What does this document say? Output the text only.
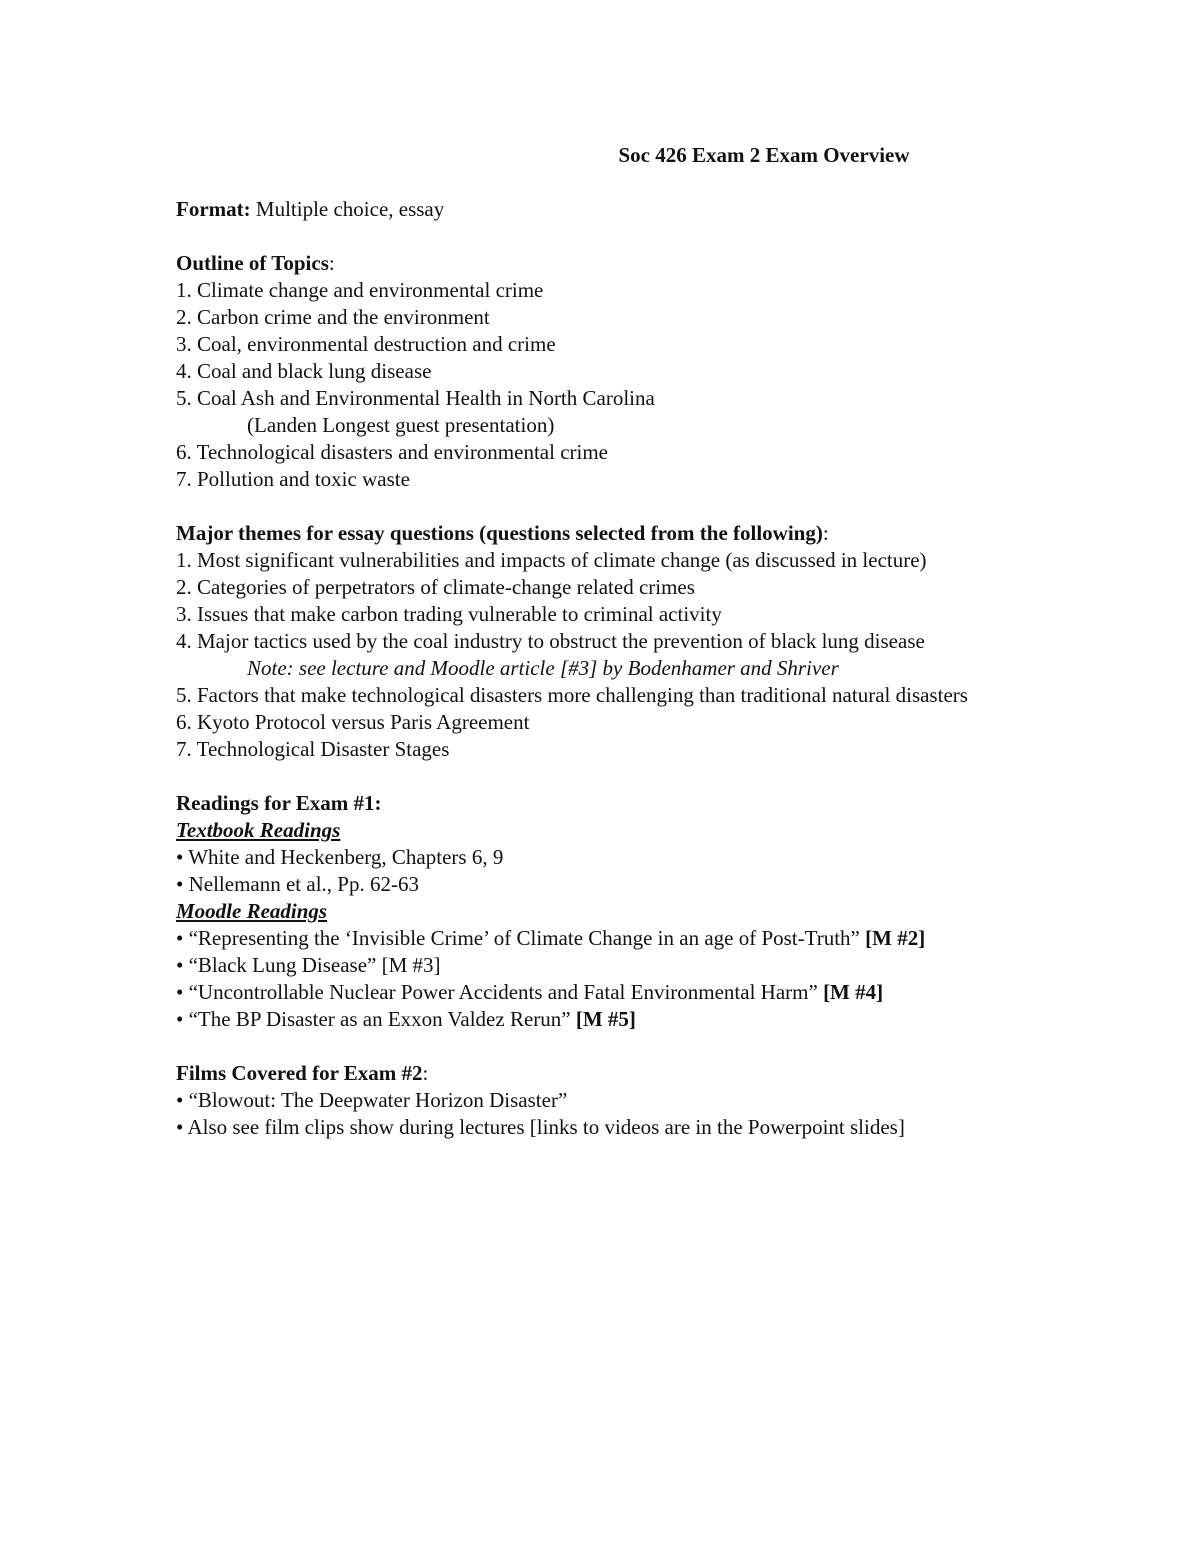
Soc 426 Exam 2 Exam Overview
Format: Multiple choice, essay
Outline of Topics:
1. Climate change and environmental crime
2. Carbon crime and the environment
3. Coal, environmental destruction and crime
4. Coal and black lung disease
5. Coal Ash and Environmental Health in North Carolina
(Landen Longest guest presentation)
6. Technological disasters and environmental crime
7. Pollution and toxic waste
Major themes for essay questions (questions selected from the following):
1. Most significant vulnerabilities and impacts of climate change (as discussed in lecture)
2. Categories of perpetrators of climate-change related crimes
3. Issues that make carbon trading vulnerable to criminal activity
4. Major tactics used by the coal industry to obstruct the prevention of black lung disease
Note: see lecture and Moodle article [#3] by Bodenhamer and Shriver
5. Factors that make technological disasters more challenging than traditional natural disasters
6. Kyoto Protocol versus Paris Agreement
7. Technological Disaster Stages
Readings for Exam #1:
Textbook Readings
• White and Heckenberg, Chapters 6, 9
• Nellemann et al., Pp. 62-63
Moodle Readings
• “Representing the ‘Invisible Crime’ of Climate Change in an age of Post-Truth” [M #2]
• “Black Lung Disease” [M #3]
• “Uncontrollable Nuclear Power Accidents and Fatal Environmental Harm” [M #4]
• “The BP Disaster as an Exxon Valdez Rerun” [M #5]
Films Covered for Exam #2:
• “Blowout: The Deepwater Horizon Disaster”
• Also see film clips show during lectures [links to videos are in the Powerpoint slides]
